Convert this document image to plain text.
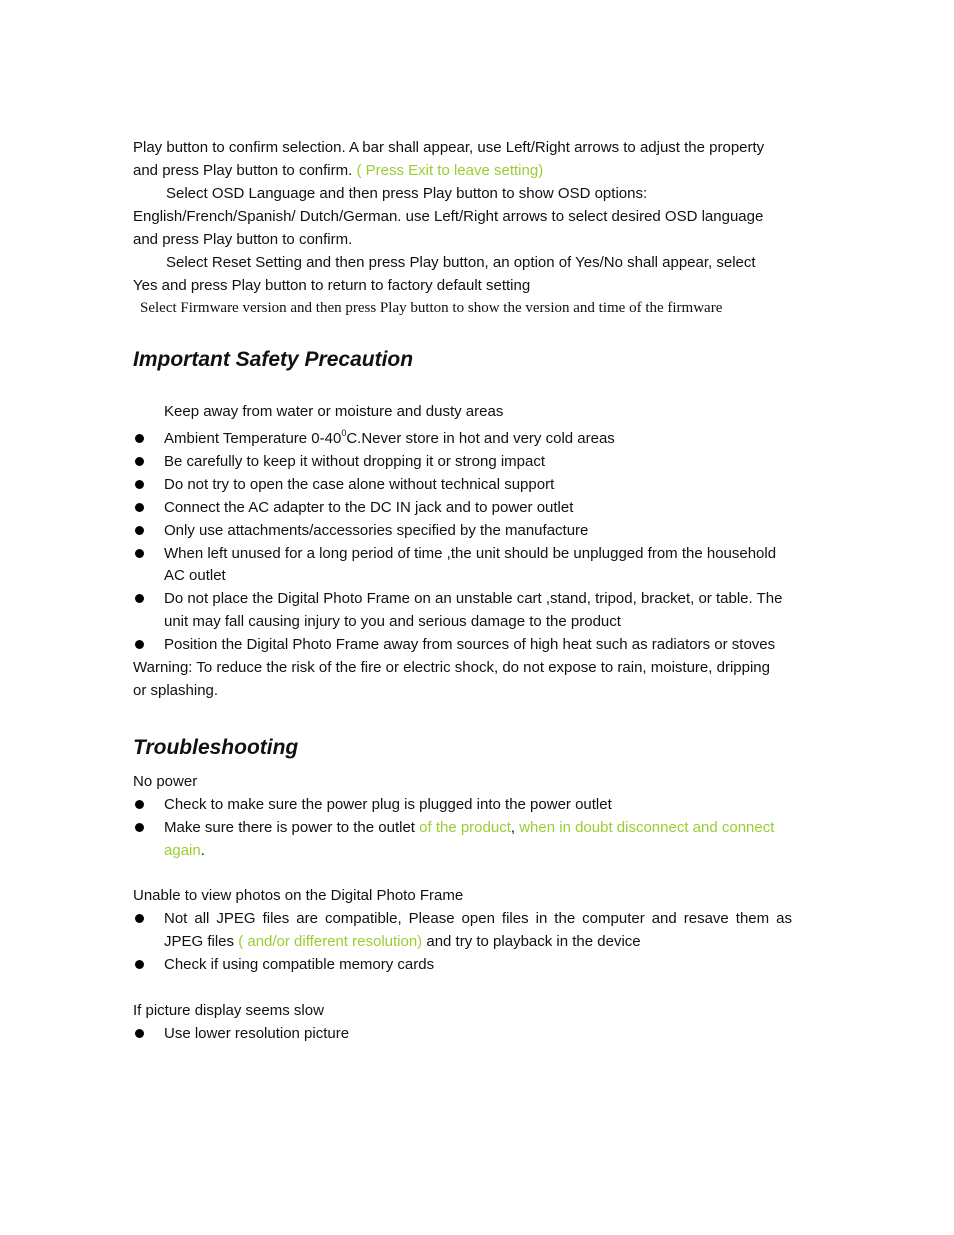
Play button to confirm selection. A bar shall appear, use Left/Right arrows to adjust the property
and press Play button to confirm. ( Press Exit to leave setting)
Select OSD Language and then press Play button to show OSD options:
English/French/Spanish/ Dutch/German. use Left/Right arrows to select desired OSD language
and press Play button to confirm.
Select Reset Setting and then press Play button, an option of Yes/No shall appear, select
Yes and press Play button to return to factory default setting
Select Firmware version and then press Play button to show the version and time of the firmware
Important Safety Precaution
Keep away from water or moisture and dusty areas
Ambient Temperature $0-40^0C.Never$ store in hot and very cold areas
Be carefully to keep it without dropping it or strong impact
Do not try to open the case alone without technical support
Connect the AC adapter to the DC IN jack and to power outlet
Only use attachments/accessories specified by the manufacture
When left unused for a long period of time ,the unit should be unplugged from the household
AC outlet
Do not place the Digital Photo Frame on an unstable cart ,stand, tripod, bracket, or table. The
unit may fall causing injury to you and serious damage to the product
Position the Digital Photo Frame away from sources of high heat such as radiators or stoves
Warning: To reduce the risk of the fire or electric shock, do not expose to rain, moisture, dripping
or splashing.
Troubleshooting
No power
Check to make sure the power plug is plugged into the power outlet
Make sure there is power to the outlet of the product, when in doubt disconnect and connect
again.
Unable to view photos on the Digital Photo Frame
Not all JPEG files are compatible, Please open files in the computer and resave them as
JPEG files ( and/or different resolution) and try to playback in the device
Check if using compatible memory cards
If picture display seems slow
Use lower resolution picture
